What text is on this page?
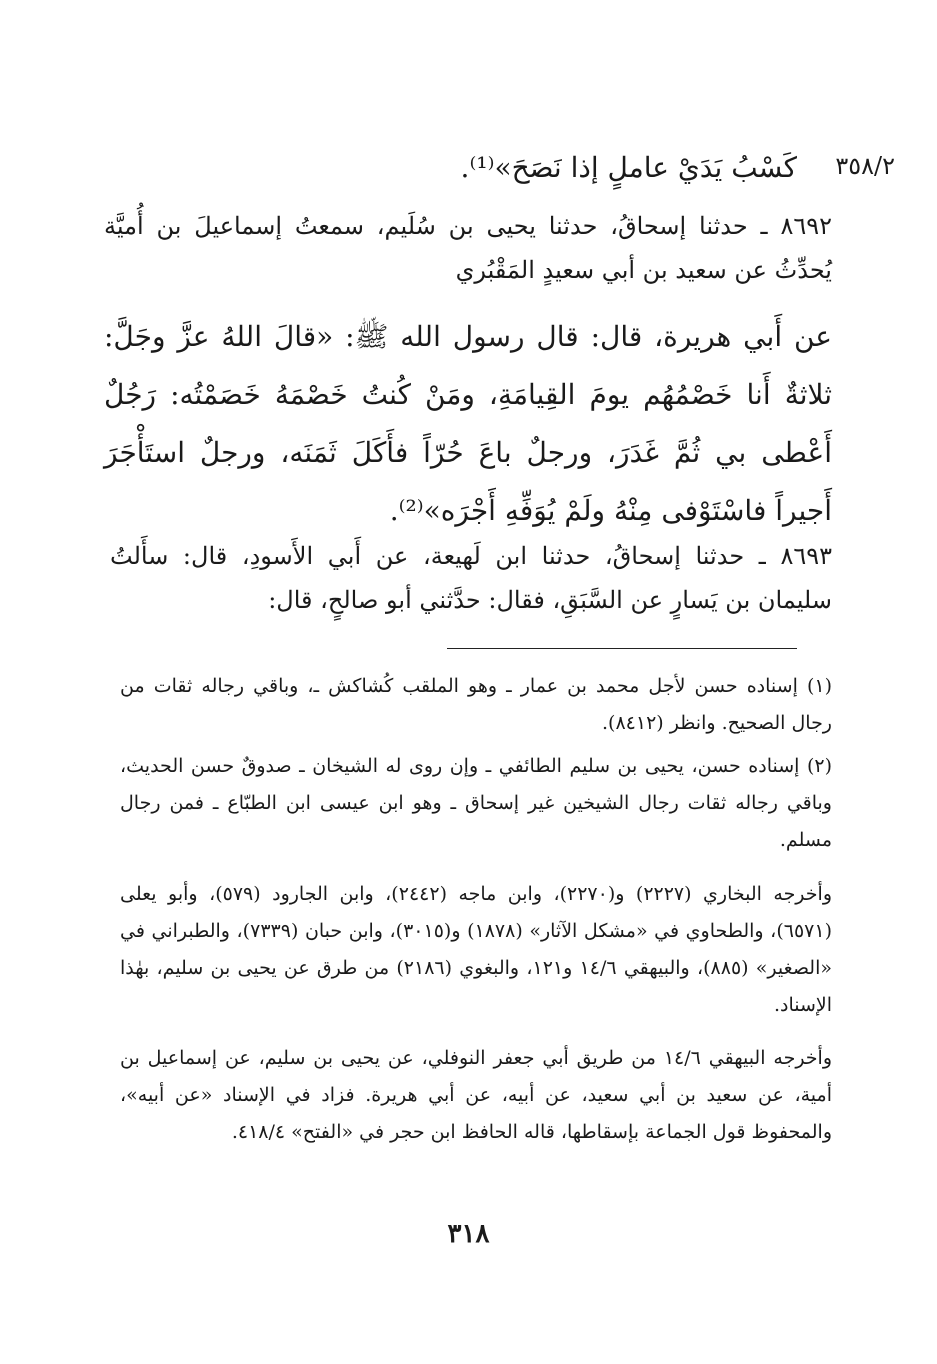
٣٥٨/٢
كَسْبُ يَدَيْ عاملٍ إذا نَصَحَ»⁽¹⁾.

٨٦٩٢ ـ حدثنا إسحاقُ، حدثنا يحيى بن سُلَيم، سمعتُ إسماعيلَ بن أُميَّة يُحدِّثُ عن سعيد بن أبي سعيدٍ المَقْبُري

عن أَبي هريرة، قال: قال رسول الله ﷺ: «قالَ اللهُ عزَّ وجَلَّ: ثلاثةٌ أَنا خَصْمُهُم يومَ القِيامَةِ، ومَنْ كُنتُ خَصْمَهُ خَصَمْتُه: رَجُلٌ أَعْطى بي ثُمَّ غَدَرَ، ورجلٌ باعَ حُرّاً فأَكَلَ ثَمَنَه، ورجلٌ استَأْجَرَ أَجيراً فاسْتَوْفى مِنْهُ ولَمْ يُوَفِّهِ أَجْرَه»⁽²⁾.

٨٦٩٣ ـ حدثنا إسحاقُ، حدثنا ابن لَهيعة، عن أَبي الأَسودِ، قال: سأَلتُ سليمان بن يَسارٍ عن السَّبَقِ، فقال: حدَّثني أبو صالحٍ، قال:

(١) إسناده حسن لأجل محمد بن عمار ـ وهو الملقب كُشاكش ـ، وباقي رجاله ثقات من رجال الصحيح. وانظر (٨٤١٢).

(٢) إسناده حسن، يحيى بن سليم الطائفي ـ وإن روى له الشيخان ـ صدوقٌ حسن الحديث، وباقي رجاله ثقات رجال الشيخين غير إسحاق ـ وهو ابن عيسى ابن الطبّاع ـ فمن رجال مسلم.

وأخرجه البخاري (٢٢٢٧) و(٢٢٧٠)، وابن ماجه (٢٤٤٢)، وابن الجارود (٥٧٩)، وأبو يعلى (٦٥٧١)، والطحاوي في «مشكل الآثار» (١٨٧٨) و(٣٠١٥)، وابن حبان (٧٣٣٩)، والطبراني في «الصغير» (٨٨٥)، والبيهقي ١٤/٦ و١٢١، والبغوي (٢١٨٦) من طرق عن يحيى بن سليم، بهٰذا الإسناد.

وأخرجه البيهقي ١٤/٦ من طريق أبي جعفر النوفلي، عن يحيى بن سليم، عن إسماعيل بن أمية، عن سعيد بن أبي سعيد، عن أبيه، عن أبي هريرة. فزاد في الإسناد «عن أبيه»، والمحفوظ قول الجماعة بإسقاطها، قاله الحافظ ابن حجر في «الفتح» ٤١٨/٤.

٣١٨
